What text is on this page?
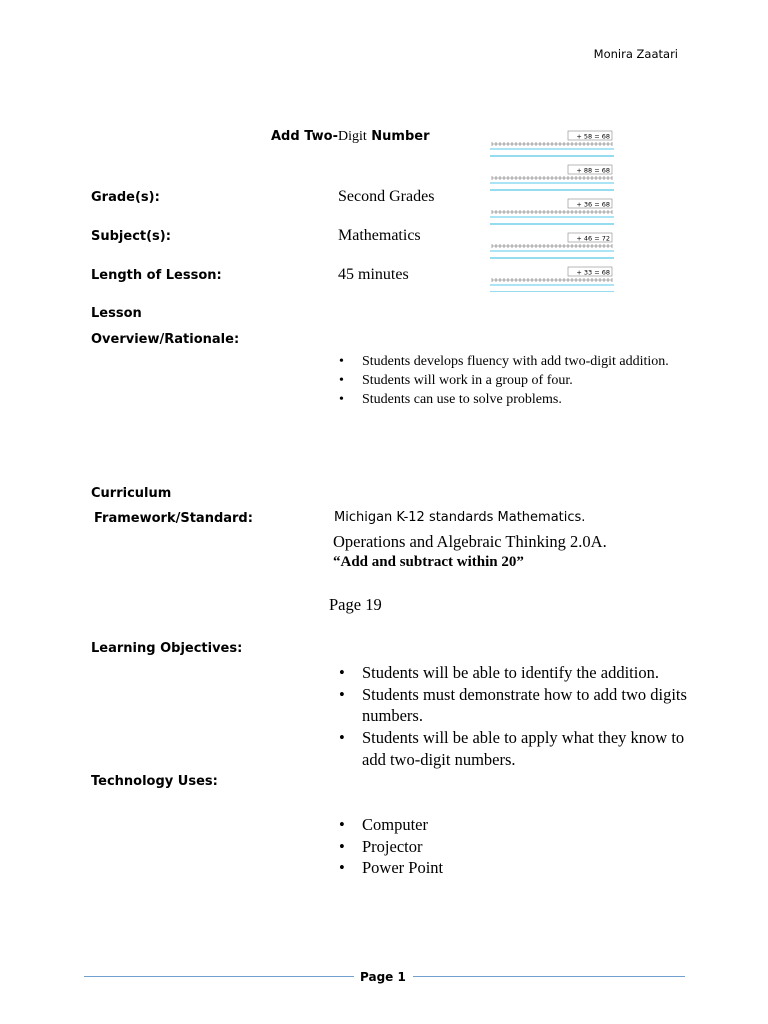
Monira Zaatari
Add Two-Digit Number	+ 58 = 68
+ 88 = 68
+ 36 = 68
+ 46 = 72
+ 33 = 68
Grade(s):	Second Grades
Subject(s):	Mathematics
Length of Lesson:	45 minutes
Lesson
Overview/Rationale:
• Students develops fluency with add two-digit addition.
• Students will work in a group of four.
• Students can use to solve problems.
Curriculum
Framework/Standard:	Michigan K-12 standards Mathematics.
Operations and Algebraic Thinking 2.0A.
“Add and subtract within 20”
Page 19
Learning Objectives:
• Students will be able to identify the addition.
• Students must demonstrate how to add two digits numbers.
• Students will be able to apply what they know to add two-digit numbers.
Technology Uses:
• Computer
• Projector
• Power Point
Page 1
